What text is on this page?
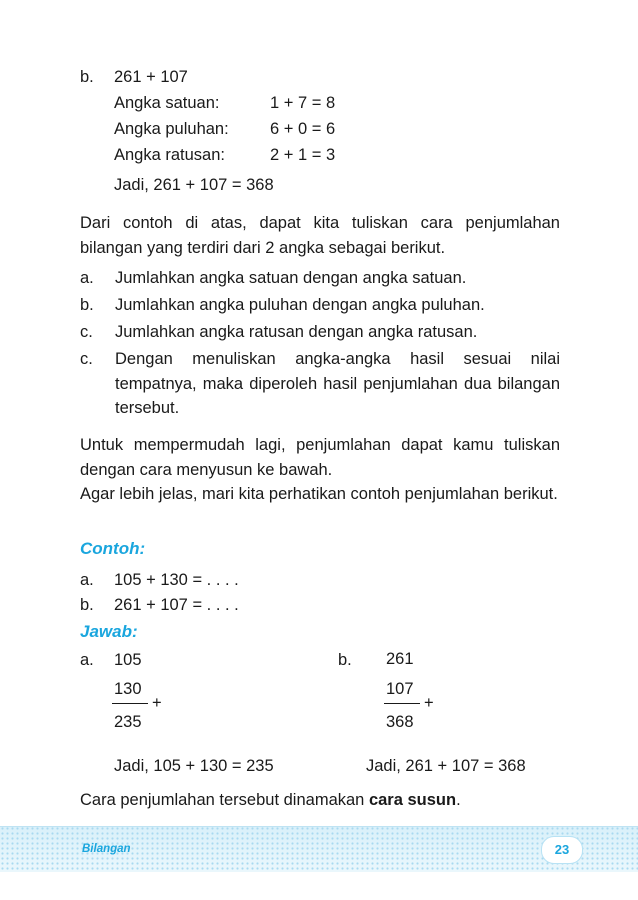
b. 261 + 107
Angka satuan:	1 + 7 = 8
Angka puluhan:	6 + 0 = 6
Angka ratusan:	2 + 1 = 3
Jadi, 261 + 107 = 368
Dari contoh di atas, dapat kita tuliskan cara penjumlahan bilangan yang terdiri dari 2 angka sebagai berikut.
a. Jumlahkan angka satuan dengan angka satuan.
b. Jumlahkan angka puluhan dengan angka puluhan.
c. Jumlahkan angka ratusan dengan angka ratusan.
c. Dengan menuliskan angka-angka hasil sesuai nilai tempatnya, maka diperoleh hasil penjumlahan dua bilangan tersebut.
Untuk mempermudah lagi, penjumlahan dapat kamu tuliskan dengan cara menyusun ke bawah.
Agar lebih jelas, mari kita perhatikan contoh penjumlahan berikut.
Contoh:
a. 105 + 130 = . . . .
b. 261 + 107 = . . . .
Jawab:
a. 105
130
+
235
Jadi, 105 + 130 = 235
b. 261
107
+
368
Jadi, 261 + 107 = 368
Cara penjumlahan tersebut dinamakan cara susun.
Bilangan	23
